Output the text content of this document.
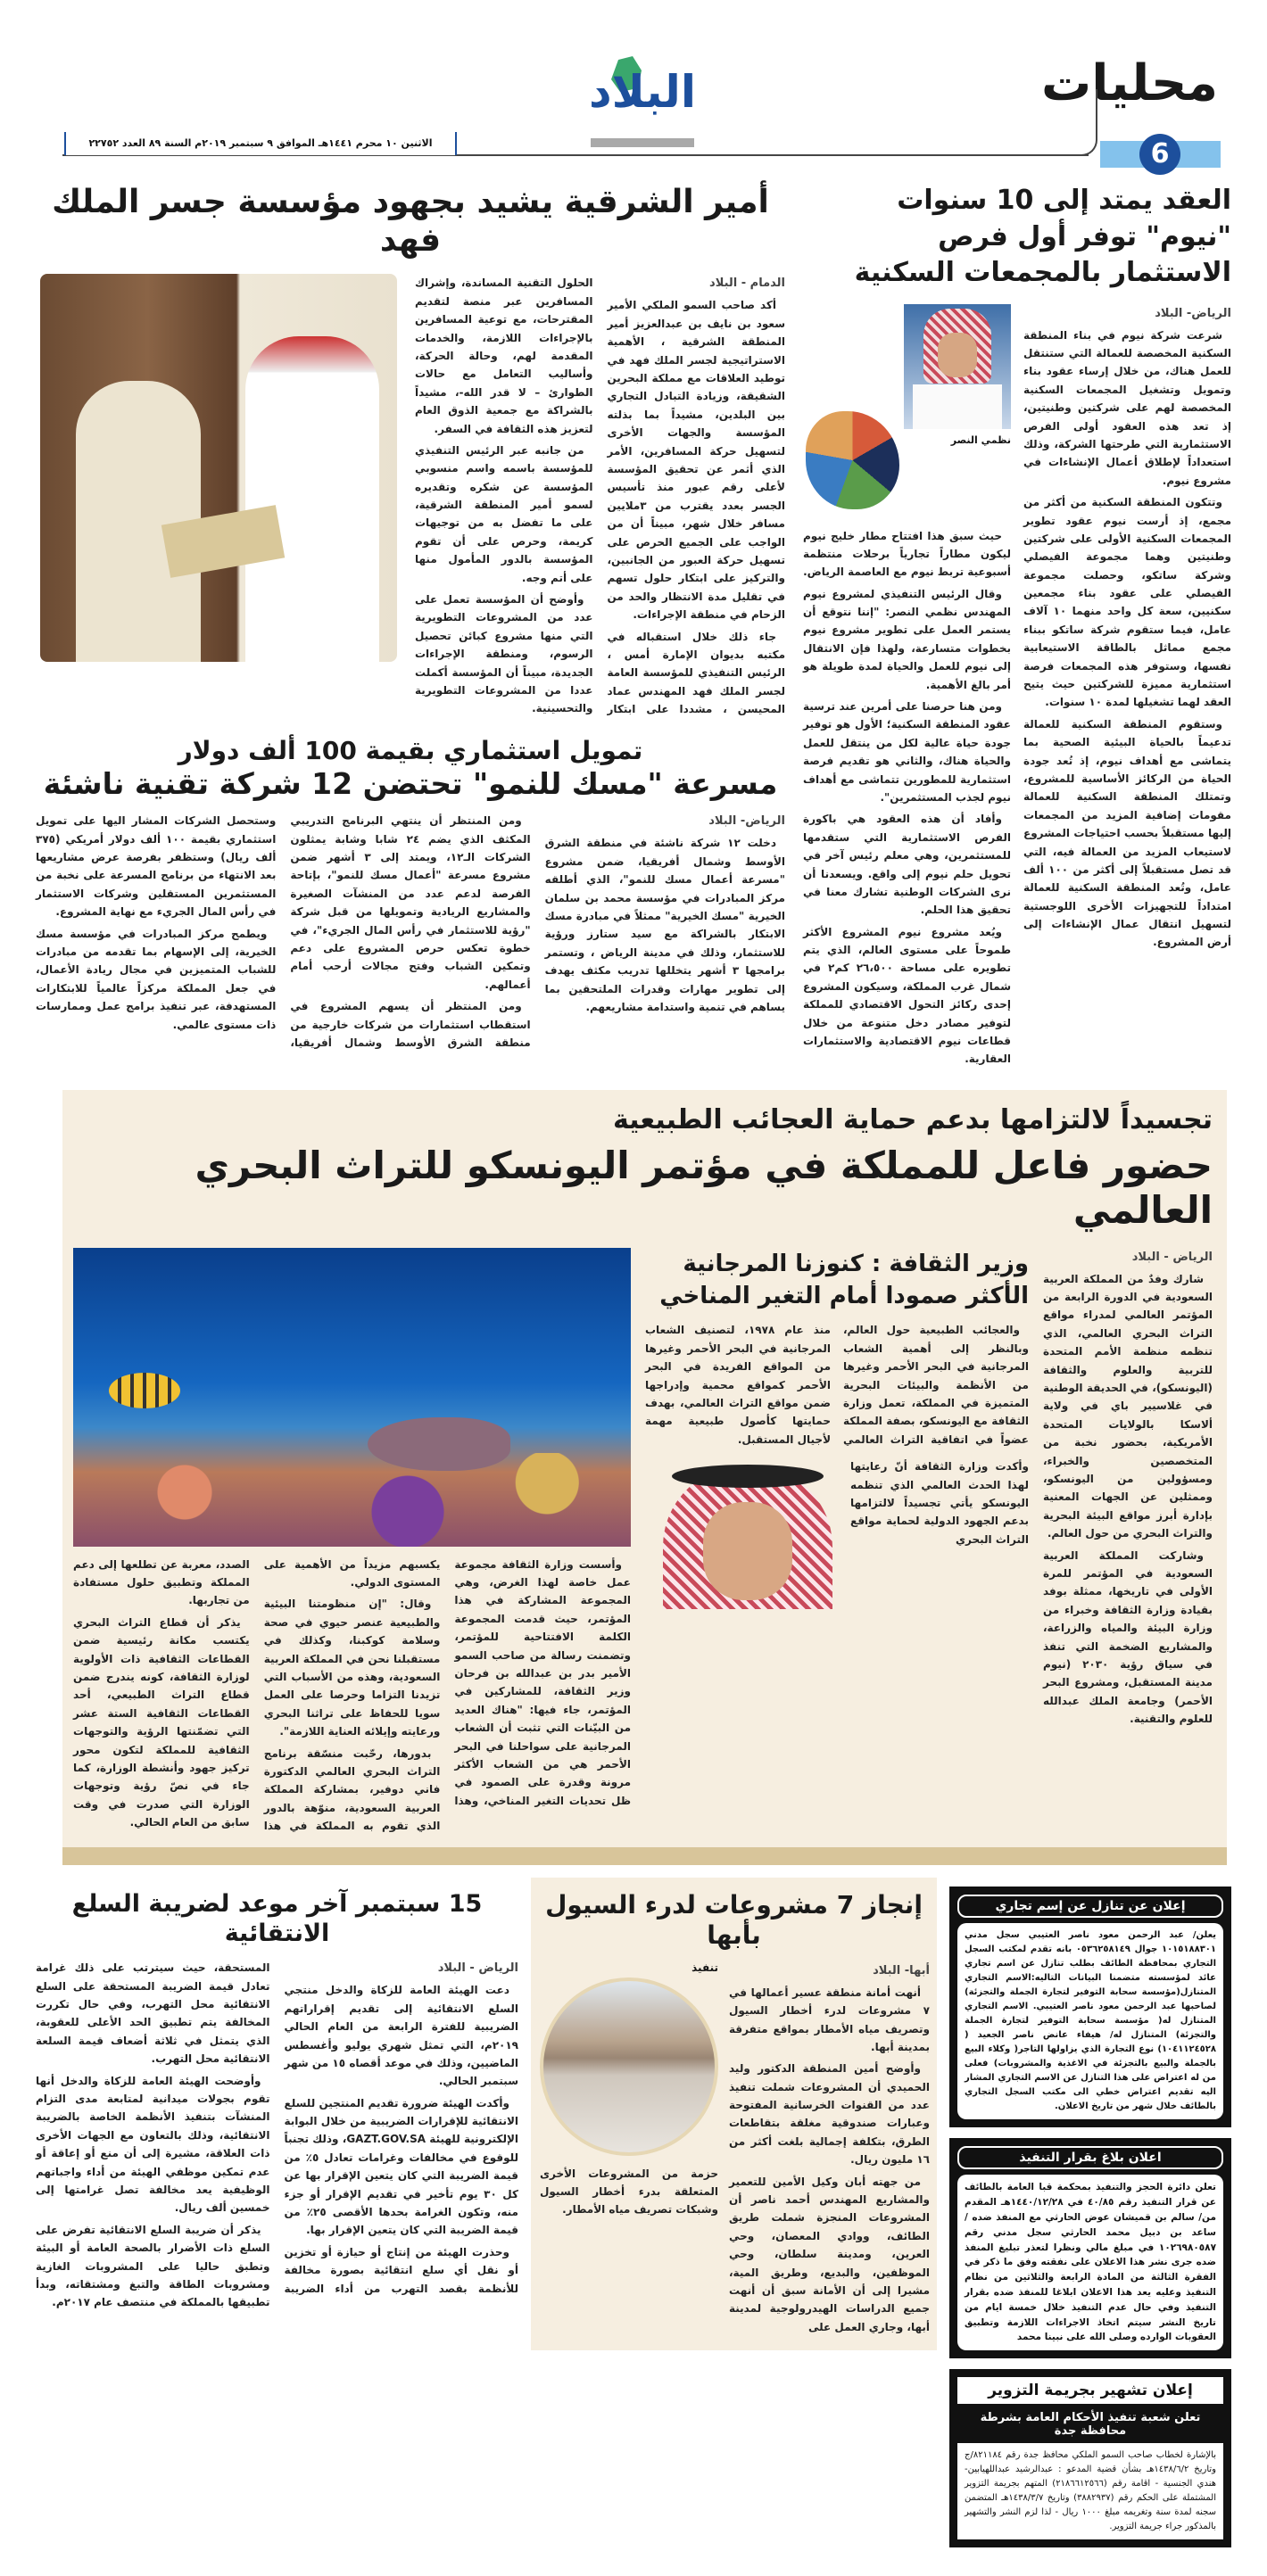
محليات
6
البلاد
الاثنين ١٠ محرم ١٤٤١هـ الموافق ٩ سبتمبر ٢٠١٩م السنة ٨٩ العدد ٢٢٧٥٢
العقد يمتد إلى 10 سنوات
"نيوم" توفر أول فرص
الاستثمار بالمجمعات السكنية
الرياض- البلاد

شرعت شركة نيوم في بناء المنطقة السكنية المخصصة للعمالة التي ستنتقل للعمل هناك، من خلال إرساء عقود بناء وتمويل وتشغيل المجمعات السكنية المخصصة لهم على شركتين وطنيتين، إذ تعد هذه العقود أولى الفرص الاستثمارية التي طرحتها الشركة، وذلك استعداداً لإطلاق أعمال الإنشاءات في مشروع نيوم.

وتتكون المنطقة السكنية من أكثر من مجمع، إذ أرست نيوم عقود تطوير المجمعات السكنية الأولى على شركتين وطنيتين وهما مجموعة الفيصلي وشركة ساتكو، وحصلت مجموعة الفيصلي على عقود بناء مجمعين سكنيين، سعة كل واحد منهما ١٠ آلاف عامل، فيما ستقوم شركة ساتكو ببناء مجمع مماثل بالطاقة الاستيعابية نفسها، وستوفر هذه المجمعات فرصة استثمارية مميزة للشركتين حيث يتيح العقد لهما تشغيلها لمدة ١٠ سنوات.

وستقوم المنطقة السكنية للعمالة تدعيماً بالحياة البيئية الصحية بما يتماشى مع أهداف نيوم، إذ تُعد جودة الحياة من الركائز الأساسية للمشروع، وتمتلك المنطقة السكنية للعمالة مقومات إضافية المزيد من المجمعات إليها مستقبلاً بحسب احتياجات المشروع لاستيعاب المزيد من العمالة فيه، التي قد تصل مستقبلاً إلى أكثر من ١٠٠ ألف عامل، وتُعد المنطقة السكنية للعمالة امتداداً للتجهيزات الأخرى اللوجستية لتسهيل انتقال عمال الإنشاءات إلى أرض المشروع.

نظمي النصر

حيث سبق هذا افتتاح مطار خليج نيوم ليكون مطاراً تجارياً برحلات منتظمة أسبوعية تربط نيوم مع العاصمة الرياض.

وقال الرئيس التنفيذي لمشروع نيوم المهندس نظمي النصر: "إننا نتوقع أن يستمر العمل على تطوير مشروع نيوم بخطوات متسارعة، ولهذا فإن الانتقال إلى نيوم للعمل والحياة لمدة طويلة هو أمر بالغ الأهمية.

ومن هنا حرصنا على أمرين عند ترسية عقود المنطقة السكنية؛ الأول هو توفير جودة حياة عالية لكل من ينتقل للعمل والحياة هناك، والثاني هو تقديم فرصة استثمارية للمطورين تتماشى مع أهداف نيوم لجذب المستثمرين".

وأفاد أن هذه العقود هي باكورة الفرص الاستثمارية التي ستقدمها للمستثمرين، وهي معلم رئيس آخر في تحويل حلم نيوم إلى واقع. ويسعدنا أن نرى الشركات الوطنية تشارك معنا في تحقيق هذا الحلم.

ويُعد مشروع نيوم المشروع الأكثر طموحاً على مستوى العالم، الذي يتم تطويره على مساحة ٢٦،٥٠٠ كم٢ في شمال غرب المملكة، وسيكون المشروع إحدى ركائز التحول الاقتصادي للمملكة لتوفير مصادر دخل متنوعة من خلال قطاعات نيوم الاقتصادية والاستثمارات العقارية.

أمير الشرقية يشيد بجهود مؤسسة جسر الملك فهد
الدمام - البلاد

أكد صاحب السمو الملكي الأمير سعود بن نايف بن عبدالعزيز أمير المنطقة الشرقية ، الأهمية الاستراتيجية لجسر الملك فهد في توطيد العلاقات مع مملكة البحرين الشقيقة، وزيادة التبادل التجاري بين البلدين، مشيداً بما بذلته المؤسسة والجهات الأخرى لتسهيل حركة المسافرين، الأمر الذي أثمر عن تحقيق المؤسسة لأعلى رقم عبور منذ تأسيس الجسر بعدد يقترب من ٣ملايين مسافر خلال شهر، مبيناً أن من الواجب على الجميع الحرص على تسهيل حركة العبور من الجانبين، والتركيز على ابتكار حلول تسهم في تقليل مدة الانتظار والحد من الزحام في منطقة الإجراءات.

جاء ذلك خلال استقباله في مكتبه بديوان الإمارة أمس ، الرئيس التنفيذي للمؤسسة العامة لجسر الملك فهد المهندس عماد المحيسن ، مشددا على ابتكار الحلول التقنية المساندة، وإشراك المسافرين عبر منصة لتقديم المقترحات، مع توعية المسافرين بالإجراءات اللازمة، والخدمات المقدمة لهم، وحالة الحركة، وأساليب التعامل مع حالات الطوارئ – لا قدر الله-، مشيداً بالشراكة مع جمعية الذوق العام لتعزيز هذه الثقافة في السفر.

من جانبه عبر الرئيس التنفيذي للمؤسسة باسمه واسم منسوبي المؤسسة عن شكره وتقديره لسمو أمير المنطقة الشرقية، على ما تفضل به من توجيهات كريمة، وحرص على أن تقوم المؤسسة بالدور المأمول منها على أتم وجه.

وأوضح أن المؤسسة تعمل على عدد من المشروعات التطويرية التي منها مشروع كبائن تحصيل الرسوم، ومنطقة الإجراءات الجديدة، مبيناً أن المؤسسة أكملت عددا من المشروعات التطويرية والتحسينية.

تمويل استثماري بقيمة 100 ألف دولار
مسرعة "مسك للنمو" تحتضن 12 شركة تقنية ناشئة
الرياض- البلاد

دخلت ١٢ شركة ناشئة في منطقة الشرق الأوسط وشمال أفريقيا، ضمن مشروع "مسرعة أعمال مسك للنمو"، الذي أطلقه مركز المبادرات في مؤسسة محمد بن سلمان الخيرية "مسك الخيرية" ممثلاً في مبادرة مسك الابتكار بالشراكة مع سيد ستارز ورؤية للاستثمار، وذلك في مدينة الرياض ، وتستمر برامجها ٣ أشهر يتخللها تدريب مكثف يهدف إلى تطوير مهارات وقدرات الملتحقين بما يساهم في تنمية واستدامة مشاريعهم.

ومن المنتظر أن ينتهي البرنامج التدريبي المكثف الذي يضم ٢٤ شابا وشابة يمثلون الشركات الـ١٢، ويمتد إلى ٣ أشهر ضمن مشروع مسرعة "أعمال مسك للنمو"، بإتاحة الفرصة لدعم عدد من المنشآت الصغيرة والمشاريع الريادية وتمويلها من قبل شركة "رؤية للاستثمار في رأس المال الجريء"، في خطوة تعكس حرص المشروع على دعم وتمكين الشباب وفتح مجالات أرحب أمام أعمالهم.

ومن المنتظر أن يسهم المشروع في استقطاب استثمارات من شركات خارجية من منطقة الشرق الأوسط وشمال أفريقيا، وستحصل الشركات المشار اليها على تمويل استثماري بقيمة ١٠٠ ألف دولار أمريكي (٣٧٥ ألف ريال) وستظفر بفرصة عرض مشاريعها بعد الانتهاء من برنامج المسرعة على نخبة من المستثمرين المستقلين وشركات الاستثمار في رأس المال الجريء مع نهاية المشروع.

ويطمح مركز المبادرات في مؤسسة مسك الخيرية، إلى الإسهام بما تقدمه من مبادرات للشباب المتميزين في مجال ريادة الأعمال، في جعل المملكة مركزاً عالمياً للابتكارات المستهدفة، عبر تنفيذ برامج عمل وممارسات ذات مستوى عالمي.

تجسيداً لالتزامها بدعم حماية العجائب الطبيعية
حضور فاعل للمملكة في مؤتمر اليونسكو للتراث البحري العالمي
الرياض - البلاد

شارك وفدٌ من المملكة العربية السعودية في الدورة الرابعة من المؤتمر العالمي لمدراء مواقع التراث البحري العالمي، الذي تنظمه منظمة الأمم المتحدة للتربية والعلوم والثقافة (اليونسكو)، في الحديقة الوطنية في غلاسيير باي في ولاية ألاسكا بالولايات المتحدة الأمريكية، بحضور نخبة من المتخصصين والخبراء، ومسؤولين من اليونسكو، وممثلين عن الجهات المعنية بإدارة أبرز مواقع البيئة البحرية والتراث البحري من حول العالم.

وشاركت المملكة العربية السعودية في المؤتمر للمرة الأولى في تاريخها، ممثلة بوفد بقيادة وزارة الثقافة وخبراء من وزارة البيئة والمياه والزراعة، والمشاريع الضخمة التي تنفذ في سياق رؤية ٢٠٣٠ (نيوم مدينة المستقبل، ومشروع البحر الأحمر) وجامعة الملك عبدالله للعلوم والتقنية.

وزير الثقافة : كنوزنا المرجانية
الأكثر صمودا أمام التغير المناخي

والعجائب الطبيعية حول العالم، وبالنظر إلى أهمية الشعاب المرجانية في البحر الأحمر وغيرها من الأنظمة والبيئات البحرية المتميزة في المملكة، تعمل وزارة الثقافة مع اليونسكو، بصفة المملكة عضواً في اتفاقية التراث العالمي منذ عام ١٩٧٨، لتصنيف الشعاب المرجانية في البحر الأحمر وغيرها من المواقع الفريدة في البحر الأحمر كمواقع محمية وإدراجها ضمن مواقع التراث العالمي، بهدف حمايتها كأصول طبيعية مهمة لأجيال المستقبل.

وأكدت وزارة الثقافة أنّ رعايتها لهذا الحدث العالمي الذي تنظمه اليونسكو يأتي تجسيداً لالتزامها بدعم الجهود الدولية لحماية مواقع التراث البحري

وأسست وزارة الثقافة مجموعة عمل خاصة لهذا الغرض، وهي المجموعة المشاركة في هذا المؤتمر، حيث قدمت المجموعة الكلمة الافتتاحية للمؤتمر، وتضمنت رسالة من صاحب السمو الأمير بدر بن عبدالله بن فرحان وزير الثقافة، للمشاركين في المؤتمر، جاء فيها: "هناك العديد من البيّنات التي تثبت أن الشعاب المرجانية على سواحلنا في البحر الأحمر هي من الشعاب الأكثر مرونة وقدرة على الصمود في ظل تحديات التغير المناخي، وهذا يكسبهم مزيداً من الأهمية على المستوى الدولي.

وقال: "إن منظومتنا البيئية والطبيعية عنصر حيوي في صحة وسلامة كوكبنا، وكذلك في مستقبلنا نحن في المملكة العربية السعودية، وهذه من الأسباب التي تزيدنا التزاما وحرصا على العمل سويا للحفاظ على تراثنا البحري ورعايته وإيلائه العناية اللازمة".

بدورها، رحّبت منسّقة برنامج التراث البحري العالمي الدكتورة فاني دوفير، بمشاركة المملكة العربية السعودية، منوّهة بالدور الذي تقوم به المملكة في هذا الصدد، معربة عن تطلعها إلى دعم المملكة وتطبيق حلول مستفادة من تجاربها.

يذكر أن قطاع التراث البحري يكتسب مكانة رئيسية ضمن القطاعات الثقافية ذات الأولوية لوزارة الثقافة، كونه يندرج ضمن قطاع التراث الطبيعي، أحد القطاعات الثقافية الستة عشر التي تضمّنتها الرؤية والتوجهات الثقافية للمملكة لتكون محور تركيز جهود وأنشطة الوزارة، كما جاء في نصّ رؤية وتوجهات الوزارة التي صدرت في وقت سابق من العام الحالي.

إعلان عن تنازل عن إسم تجاري
يعلن/ عبد الرحمن معود ناصر العتيبي سجل مدني ١٠١٥١٨٨٣٠١ جوال ٠٥٣٦٢٥٨١٤٩ بانه تقدم لمكتب السجل التجاري بمحافظة الطائف بطلب تنازل عن اسم تجاري عائد لمؤسسته متضمنا البيانات التاليه:الاسم التجاري المتنازل(مؤسسة سحابة التوفير لتجارة الجملة والتجزئة) لصاحبها عبد الرحمن معود ناصر العتيبي. الاسم التجاري المتنازل له( مؤسسة سحابة التوفير لتجارة الجملة والتجزئة) المتنازل له/ هيفاء عانض ناصر الجعيد ( ١٠٤١١٢٤٥٢٨) نوع التجارة الذي يزاولها التاجر( وكلاء البيع بالجملة والبيع بالتجزئة في الاغذية والمشروبات) فعلى من له اعتراض على هذا التنازل عن الاسم التجاري المشار اليه تقديم اعتراض خطي الى مكتب السجل التجاري بالطائف خلال شهر من تاريخ الاعلان.
اعلان بلاغ بقرار التنفيذ
تعلن دائرة الحجز والتنفيذ بمحكمة قبا العامة بالطائف عن قرار التنفيذ رقم ٤٠/٨٥ في ١٤٤٠/١٢/٢٨هـ المقدم من/ سالم بن قميشان عوض الحارثي مع المنفذ ضده / ساعد بن دبيل محمد الحارثي سجل مدني رقم ١٠٢٦٩٨٠٥٨٧ في مبلغ مالي ونظرا لتعذر تبليغ المنفذ ضده جرى نشر هذا الاعلان على نفقته وفق ما ذكر في الفقرة الثالثة من المادة الرابعة والثلاثين من نظام التنفيذ وعليه يعد هذا الاعلان ابلاغا للمنفذ ضده بقرار التنفيذ وفي حال عدم التنفيذ خلال خمسة ايام من تاريخ النشر سيتم اتخاذ الاجراءات اللازمة وتطبيق العقوبات الوارده وصلى الله على نبينا محمد
إعلان تشهير بجريمة التزوير
تعلن شعبة تنفيذ الأحكام العامة بشرطة محافظة جدة
بالإشارة لخطاب صاحب السمو الملكي محافظ جدة رقم ٨٢١١٨٤/ج وتاريخ ١٤٣٨/٦/٢هـ بشأن قضية المدعو : عبدالرشيد عبداللهيابين- هندي الجنسية - اقامة رقم (٢١٨٦٦١٢٥٦٦) المتهم بجريمة التزوير المشتملة على الحكم رقم (٣٨٨٢٩٣٧) وتاريخ ١٤٣٨/٣/٧هـ المتضمن سجنه لمدة سنة وتغريمه مبلغ ١٠٠٠ ريال - لذا لزم النشر والتشهير بالمذكور جراء جريمة التزوير.
إنجاز 7 مشروعات لدرء السيول بأبها
أبها- البلاد

أنهت أمانة منطقة عسير أعمالها في ٧ مشروعات لدرء أخطار السيول وتصريف مياه الأمطار بمواقع متفرقة بمدينة أبها.

وأوضح أمين المنطقة الدكتور وليد الحميدي أن المشروعات شملت تنفيذ عدد من القنوات الخرسانية المفتوحة وعبارات صندوقية مغلقة بتقاطعات الطرق، بتكلفة إجمالية بلغت أكثر من ١٦ مليون ريال.

من جهته أبان وكيل الأمين للتعمير والمشاريع المهندس أحمد ناصر أن المشروعات المنجزة شملت طريق الطائف، ووادي المعصان، وحي العرين، ومدينة سلطان، وحي الموظفين، والبديع، وطريق المية، مشيرا إلى أن الأمانة سبق أن أنهت جميع الدراسات الهيدرولوجية لمدينة أبها، وجاري العمل على

تنفيذ
حزمة من المشروعات الأخرى المتعلقة بدرء أخطار السيول وشبكات تصريف مياه الأمطار.
15 سبتمبر آخر موعد لضريبة السلع الانتقائية
الرياض - البلاد

دعت الهيئة العامة للزكاة والدخل منتجي السلع الانتقائية إلى تقديم إقراراتهم الضريبية للفترة الرابعة من العام الحالي ٢٠١٩م، التي تمثل شهري يوليو وأغسطس الماضيين، وذلك في موعد أقصاه ١٥ من شهر سبتمبر الحالي.

وأكدت الهيئة ضرورة تقديم المنتجين للسلع الانتقائية للإقرارات الضريبية من خلال البوابة الإلكترونية للهيئة GAZT.GOV.SA، وذلك تجنباً للوقوع في مخالفات وغرامات تعادل ٥٪ من قيمة الضريبة التي كان يتعين الإقرار بها عن كل ٣٠ يوم تأخير في تقديم الإقرار أو جزء منه، وتكون الغرامة بحدها الأقصى ٢٥٪ من قيمة الضريبة التي كان يتعين الإقرار بها.

وحذرت الهيئة من إنتاج أو حيازة أو تخزين أو نقل أي سلع انتقائية بصورة مخالفة للأنظمة بقصد التهرب من أداء الضريبة المستحقة، حيث سيترتب على ذلك غرامة تعادل قيمة الضريبة المستحقة على السلع الانتقائية محل التهرب، وفي حال تكررت المخالفة يتم تطبيق الحد الأعلى للعقوبة، الذي يتمثل في ثلاثة أضعاف قيمة السلعة الانتقائية محل التهرب.

وأوضحت الهيئة العامة للزكاة والدخل أنها تقوم بجولات ميدانية لمتابعة مدى التزام المنشآت بتنفيذ الأنظمة الخاصة بالضريبة الانتقائية، وذلك بالتعاون مع الجهات الأخرى ذات العلاقة، مشيرة إلى أن منع أو إعاقة أو عدم تمكين موظفي الهيئة من أداء واجباتهم الوظيفية يعد مخالفة تصل غرامتها إلى خمسين ألف ريال.

يذكر أن ضريبة السلع الانتقائية تفرض على السلع ذات الأضرار بالصحة العامة أو البيئة وتطبق حاليا على المشروبات الغازية ومشروبات الطاقة والتبغ ومشتقاته، وبدأ تطبيقها بالمملكة في منتصف عام ٢٠١٧م.
